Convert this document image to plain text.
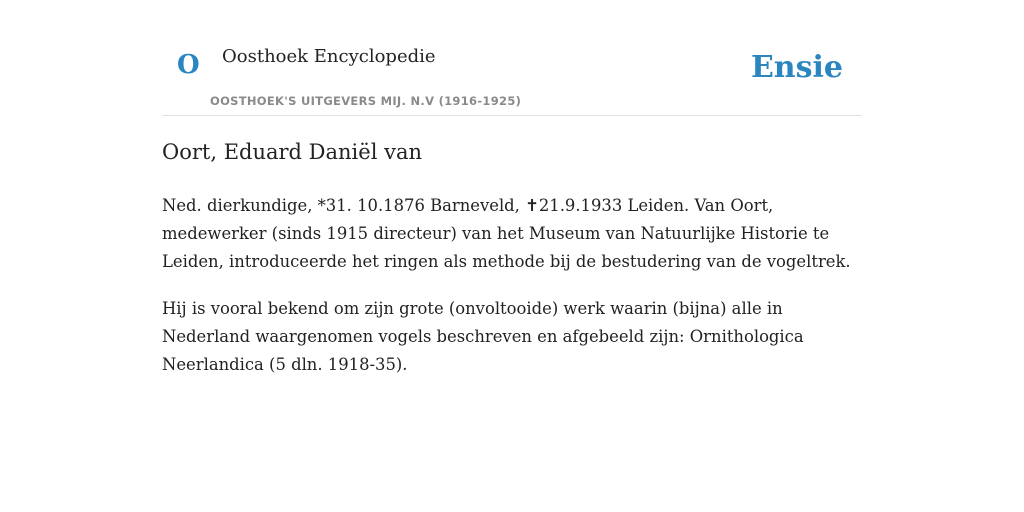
O Oosthoek Encyclopedie
OOSTHOEK'S UITGEVERS MIJ. N.V (1916-1925)
Ensie
Oort, Eduard Daniël van

Ned. dierkundige, *31. 10.1876 Barneveld, ✝21.9.1933 Leiden. Van Oort, medewerker (sinds 1915 directeur) van het Museum van Natuurlijke Historie te Leiden, introduceerde het ringen als methode bij de bestudering van de vogeltrek.

Hij is vooral bekend om zijn grote (onvoltooide) werk waarin (bijna) alle in Nederland waargenomen vogels beschreven en afgebeeld zijn: Ornithologica Neerlandica (5 dln. 1918-35).
